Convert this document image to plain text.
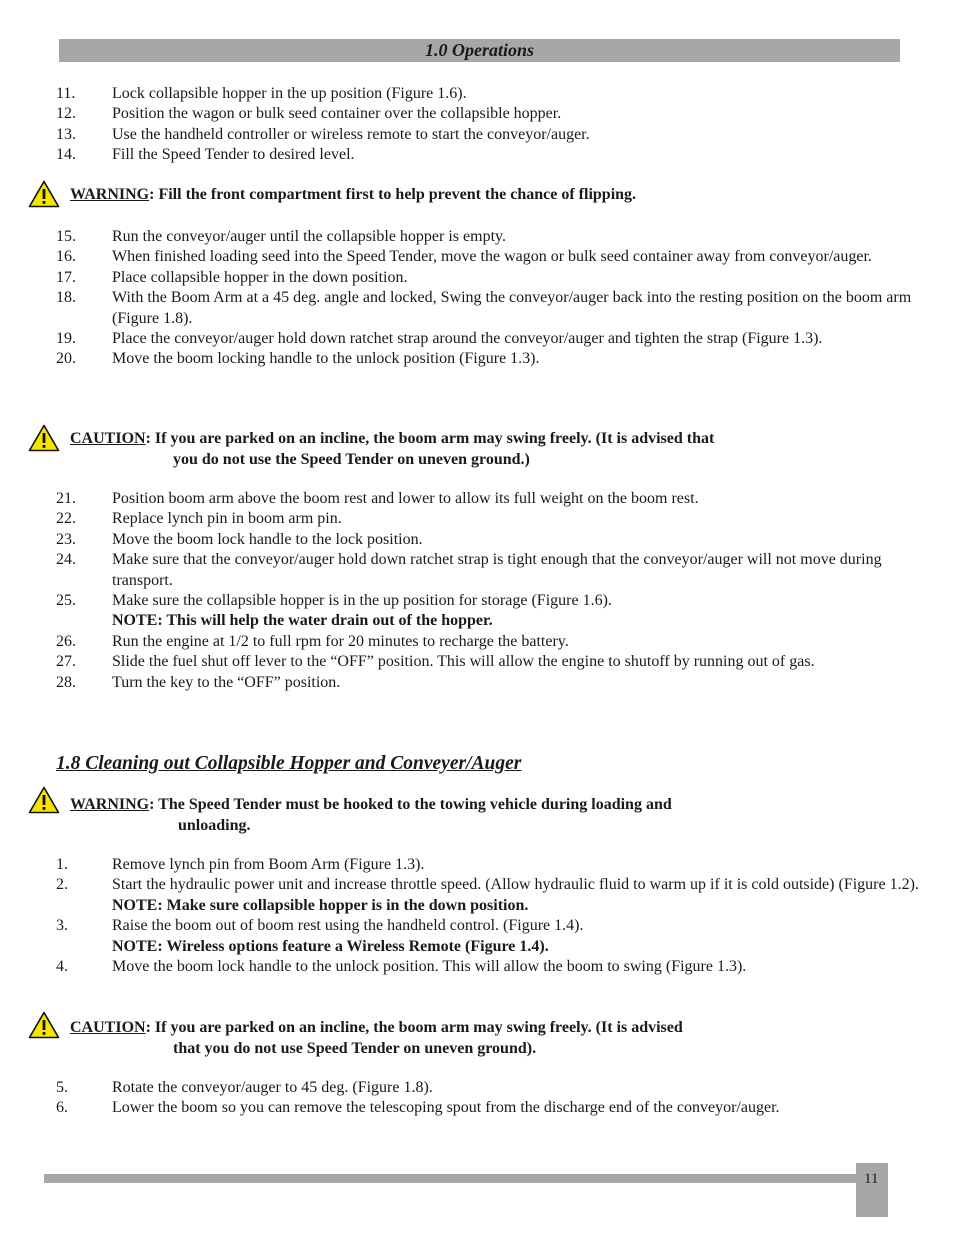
1.0 Operations
11. Lock collapsible hopper in the up position (Figure 1.6).
12. Position the wagon or bulk seed container over the collapsible hopper.
13. Use the handheld controller or wireless remote to start the conveyor/auger.
14. Fill the Speed Tender to desired level.
WARNING: Fill the front compartment first to help prevent the chance of flipping.
15. Run the conveyor/auger until the collapsible hopper is empty.
16. When finished loading seed into the Speed Tender, move the wagon or bulk seed container away from conveyor/auger.
17. Place collapsible hopper in the down position.
18. With the Boom Arm at a 45 deg. angle and locked, Swing the conveyor/auger back into the resting position on the boom arm (Figure 1.8).
19. Place the conveyor/auger hold down ratchet strap around the conveyor/auger and tighten the strap (Figure 1.3).
20. Move the boom locking handle to the unlock position (Figure 1.3).
CAUTION: If you are parked on an incline, the boom arm may swing freely. (It is advised that
you do not use the Speed Tender on uneven ground.)
21. Position boom arm above the boom rest and lower to allow its full weight on the boom rest.
22. Replace lynch pin in boom arm pin.
23. Move the boom lock handle to the lock position.
24. Make sure that the conveyor/auger hold down ratchet strap is tight enough that the conveyor/auger will not move during transport.
25. Make sure the collapsible hopper is in the up position for storage (Figure 1.6).
NOTE: This will help the water drain out of the hopper.
26. Run the engine at 1/2 to full rpm for 20 minutes to recharge the battery.
27. Slide the fuel shut off lever to the “OFF” position. This will allow the engine to shutoff by running out of gas.
28. Turn the key to the “OFF” position.
1.8 Cleaning out Collapsible Hopper and Conveyer/Auger
WARNING: The Speed Tender must be hooked to the towing vehicle during loading and
unloading.
1.	Remove lynch pin from Boom Arm (Figure 1.3).
2.	Start the hydraulic power unit and increase throttle speed. (Allow hydraulic fluid to warm up if it is cold outside) (Figure 1.2).
NOTE: Make sure collapsible hopper is in the down position.
3.	Raise the boom out of boom rest using the handheld control. (Figure 1.4).
NOTE: Wireless options feature a Wireless Remote (Figure 1.4).
4.	Move the boom lock handle to the unlock position. This will allow the boom to swing (Figure 1.3).
CAUTION: If you are parked on an incline, the boom arm may swing freely. (It is advised
that you do not use Speed Tender on uneven ground).
5.	Rotate the conveyor/auger to 45 deg. (Figure 1.8).
6.	Lower the boom so you can remove the telescoping spout from the discharge end of the conveyor/auger.
11
